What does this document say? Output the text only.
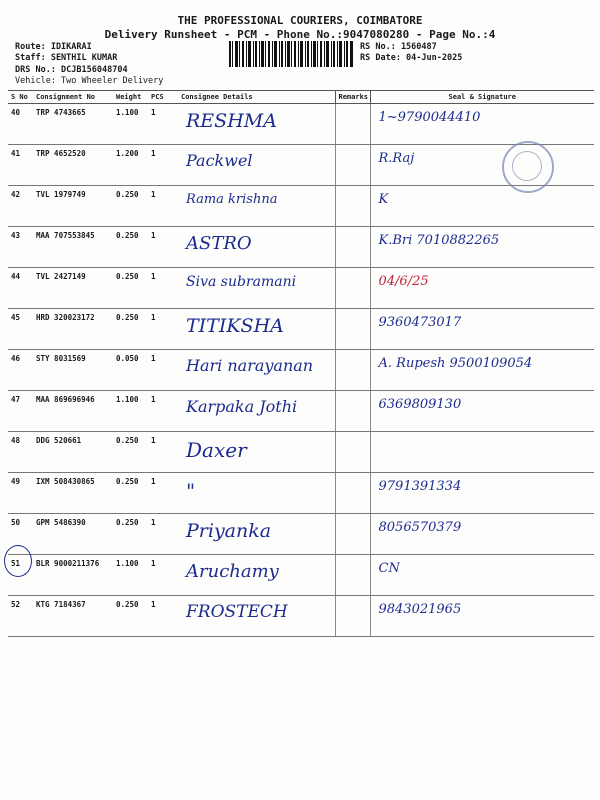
THE PROFESSIONAL COURIERS, COIMBATORE
Delivery Runsheet - PCM - Phone No.:9047080280 - Page No.:4
Route: IDIKARAI
Staff: SENTHIL KUMAR
DRS No.: DCJB156048704
Vehicle: Two Wheeler Delivery
RS No.: 1560487
RS Date: 04-Jun-2025
S No	Consignment No	Weight	PCS	Consignee Details	Remarks	Seal & Signature
40	TRP 4743665	1.100	1	RESHMA		1~9790044410

41	TRP 4652520	1.200	1	Packwel		R.Raj

42	TVL 1979749	0.250	1	Rama krishna		K

43	MAA 707553845	0.250	1	ASTRO		K.Bri 7010882265

44	TVL 2427149	0.250	1	Siva subramani		04/6/25

45	HRD 320023172	0.250	1	TITIKSHA		9360473017

46	STY 8031569	0.050	1	Hari narayanan		A. Rupesh 9500109054

47	MAA 869696946	1.100	1	Karpaka Jothi		6369809130

48	DDG 520661	0.250	1	Daxer		

49	IXM 508430865	0.250	1	"		9791391334

50	GPM 5486390	0.250	1	Priyanka		8056570379

51	BLR 9000211376	1.100	1	Aruchamy		CN

52	KTG 7184367	0.250	1	FROSTECH		9843021965
